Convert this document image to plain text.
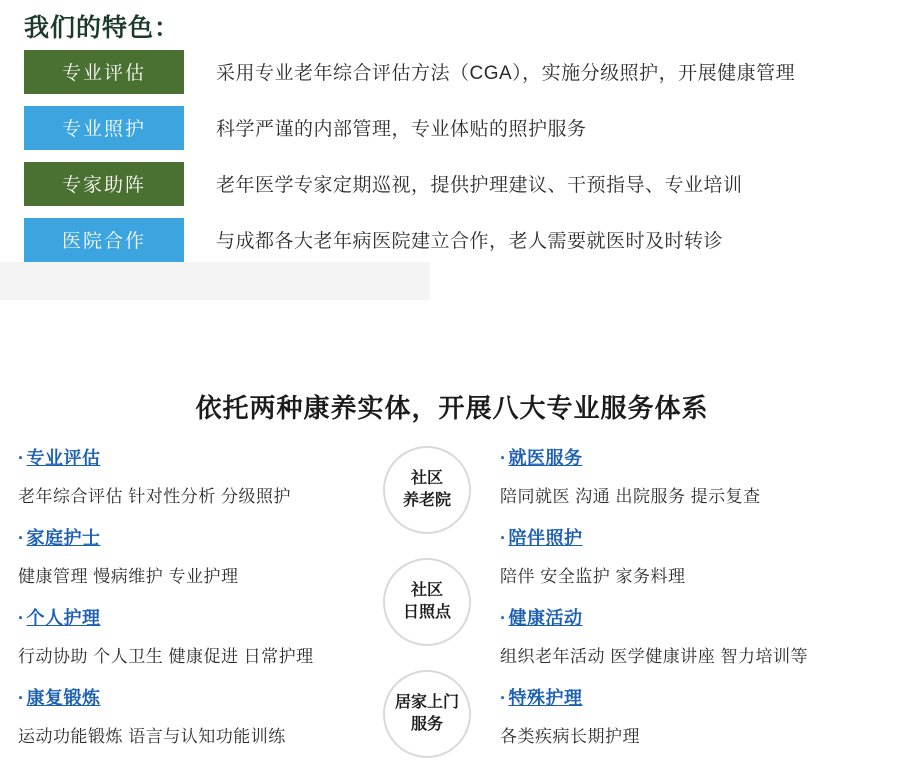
我们的特色：
专业评估	采用专业老年综合评估方法（CGA），实施分级照护，开展健康管理
专业照护	科学严谨的内部管理，专业体贴的照护服务
专家助阵	老年医学专家定期巡视，提供护理建议、干预指导、专业培训
医院合作	与成都各大老年病医院建立合作，老人需要就医时及时转诊
依托两种康养实体，开展八大专业服务体系
社区
养老院
社区
日照点
居家上门
服务
· 专业评估
老年综合评估 针对性分析 分级照护
· 家庭护士
健康管理 慢病维护 专业护理
· 个人护理
行动协助 个人卫生 健康促进 日常护理
· 康复锻炼
运动功能锻炼 语言与认知功能训练
· 就医服务
陪同就医 沟通 出院服务 提示复查
· 陪伴照护
陪伴 安全监护 家务料理
· 健康活动
组织老年活动 医学健康讲座 智力培训等
· 特殊护理
各类疾病长期护理
